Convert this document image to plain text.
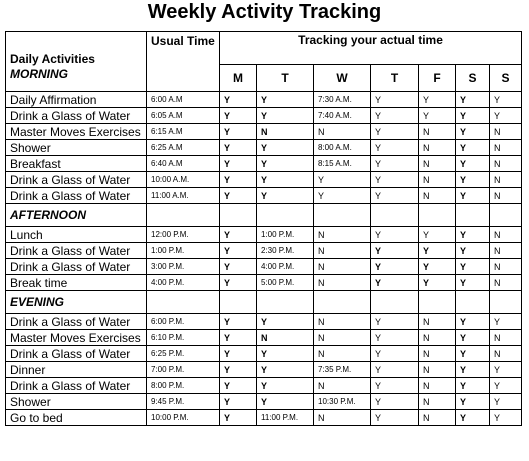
Weekly Activity Tracking
Daily Activities
MORNING	Usual Time	Tracking your actual time						
		M	T	W	T	F	S	S
Daily Affirmation	6:00 A.M	Y	Y	7:30 A.M.	Y	Y	Y	Y
Drink a Glass of Water	6:05 A.M	Y	Y	7:40 A.M.	Y	Y	Y	Y
Master Moves Exercises	6:15 A.M	Y	N	N	Y	N	Y	N
Shower	6:25 A.M	Y	Y	8:00 A.M.	Y	N	Y	N
Breakfast	6:40 A.M	Y	Y	8:15 A.M.	Y	N	Y	N
Drink a Glass of Water	10:00 A.M.	Y	Y	Y	Y	N	Y	N
Drink a Glass of Water	11:00 A.M.	Y	Y	Y	Y	N	Y	N
AFTERNOON								
Lunch	12:00 P.M.	Y	1:00 P.M.	N	Y	Y	Y	N
Drink a Glass of Water	1:00 P.M.	Y	2:30 P.M.	N	Y	Y	Y	N
Drink a Glass of Water	3:00 P.M.	Y	4:00 P.M.	N	Y	Y	Y	N
Break time	4:00 P.M.	Y	5:00 P.M.	N	Y	Y	Y	N
EVENING								
Drink a Glass of Water	6:00 P.M.	Y	Y	N	Y	N	Y	Y
Master Moves Exercises	6:10 P.M.	Y	N	N	Y	N	Y	N
Drink a Glass of Water	6:25 P.M.	Y	Y	N	Y	N	Y	N
Dinner	7:00 P.M.	Y	Y	7:35 P.M.	Y	N	Y	Y
Drink a Glass of Water	8:00 P.M.	Y	Y	N	Y	N	Y	Y
Shower	9:45 P.M.	Y	Y	10:30 P.M.	Y	N	Y	Y
Go to bed	10:00 P.M.	Y	11:00 P.M.	N	Y	N	Y	Y
